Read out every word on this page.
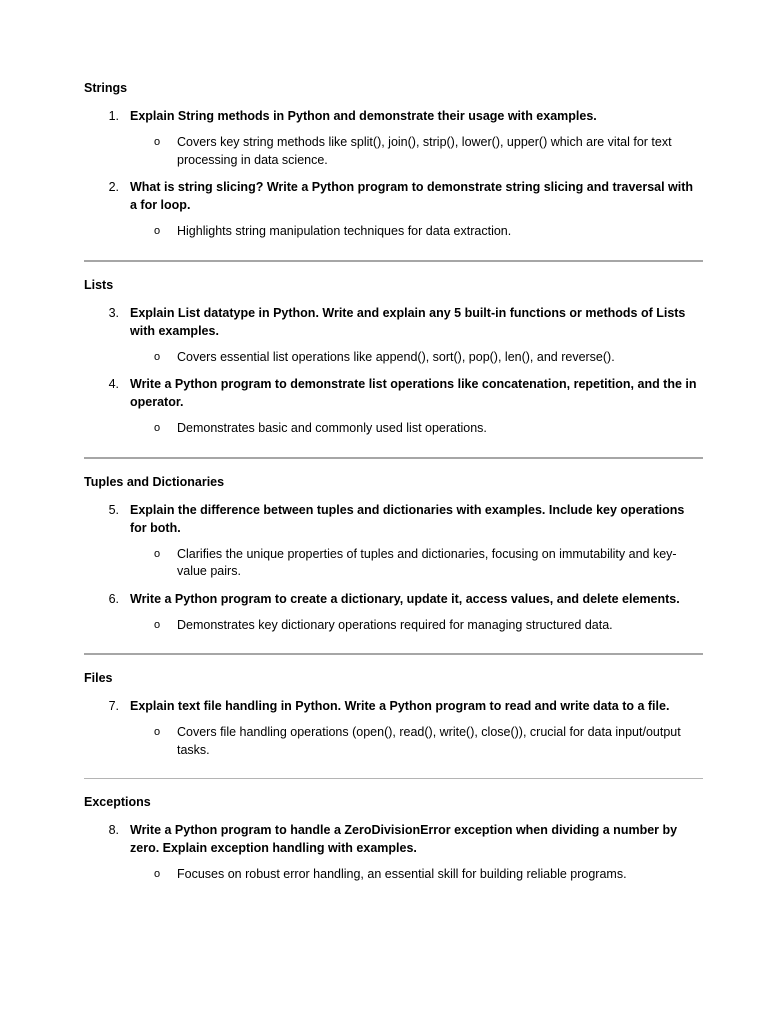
Strings
1. Explain String methods in Python and demonstrate their usage with examples.
o Covers key string methods like split(), join(), strip(), lower(), upper() which are vital for text processing in data science.
2. What is string slicing? Write a Python program to demonstrate string slicing and traversal with a for loop.
o Highlights string manipulation techniques for data extraction.
Lists
3. Explain List datatype in Python. Write and explain any 5 built-in functions or methods of Lists with examples.
o Covers essential list operations like append(), sort(), pop(), len(), and reverse().
4. Write a Python program to demonstrate list operations like concatenation, repetition, and the in operator.
o Demonstrates basic and commonly used list operations.
Tuples and Dictionaries
5. Explain the difference between tuples and dictionaries with examples. Include key operations for both.
o Clarifies the unique properties of tuples and dictionaries, focusing on immutability and key-value pairs.
6. Write a Python program to create a dictionary, update it, access values, and delete elements.
o Demonstrates key dictionary operations required for managing structured data.
Files
7. Explain text file handling in Python. Write a Python program to read and write data to a file.
o Covers file handling operations (open(), read(), write(), close()), crucial for data input/output tasks.
Exceptions
8. Write a Python program to handle a ZeroDivisionError exception when dividing a number by zero. Explain exception handling with examples.
o Focuses on robust error handling, an essential skill for building reliable programs.
